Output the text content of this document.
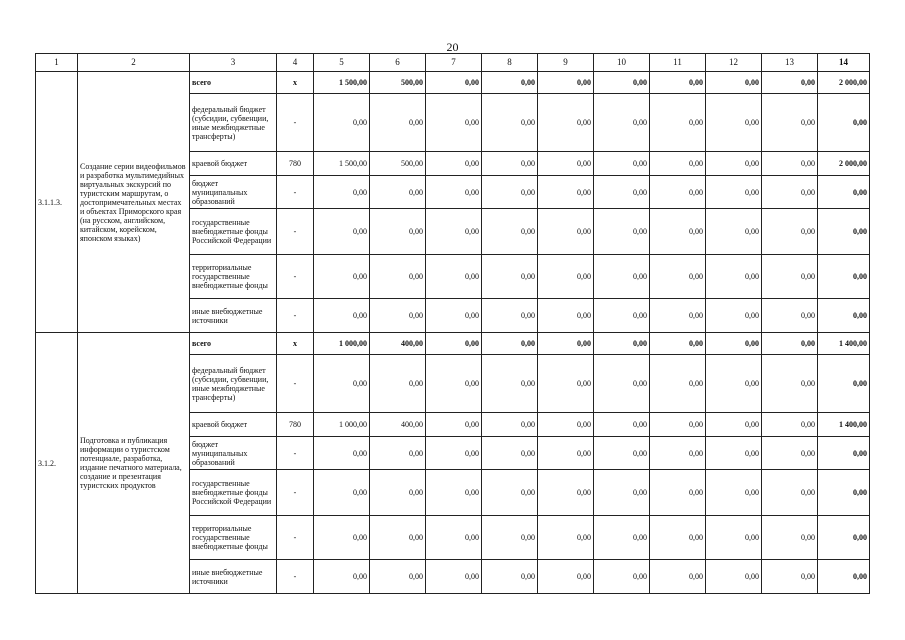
20
1	2	3	4	5	6	7	8	9	10	11	12	13	14
3.1.1.3.	Создание серии видеофильмов и разработка мультимедийных виртуальных экскурсий по туристским маршрутам, о достопримечательных местах и объектах Приморского края (на русском, английском, китайском, корейском, японском языках)	всего	x	1 500,00	500,00	0,00	0,00	0,00	0,00	0,00	0,00	0,00	2 000,00
		федеральный бюджет (субсидии, субвенции, иные межбюджетные трансферты)	-	0,00	0,00	0,00	0,00	0,00	0,00	0,00	0,00	0,00	0,00
		краевой бюджет	780	1 500,00	500,00	0,00	0,00	0,00	0,00	0,00	0,00	0,00	2 000,00
		бюджет муниципальных образований	-	0,00	0,00	0,00	0,00	0,00	0,00	0,00	0,00	0,00	0,00
		государственные внебюджетные фонды Российской Федерации	-	0,00	0,00	0,00	0,00	0,00	0,00	0,00	0,00	0,00	0,00
		территориальные государственные внебюджетные фонды	-	0,00	0,00	0,00	0,00	0,00	0,00	0,00	0,00	0,00	0,00
		иные внебюджетные источники	-	0,00	0,00	0,00	0,00	0,00	0,00	0,00	0,00	0,00	0,00
3.1.2.	Подготовка и публикация информации о туристском потенциале, разработка, издание печатного материала, создание и презентация туристских продуктов	всего	x	1 000,00	400,00	0,00	0,00	0,00	0,00	0,00	0,00	0,00	1 400,00
		федеральный бюджет (субсидии, субвенции, иные межбюджетные трансферты)	-	0,00	0,00	0,00	0,00	0,00	0,00	0,00	0,00	0,00	0,00
		краевой бюджет	780	1 000,00	400,00	0,00	0,00	0,00	0,00	0,00	0,00	0,00	1 400,00
		бюджет муниципальных образований	-	0,00	0,00	0,00	0,00	0,00	0,00	0,00	0,00	0,00	0,00
		государственные внебюджетные фонды Российской Федерации	-	0,00	0,00	0,00	0,00	0,00	0,00	0,00	0,00	0,00	0,00
		территориальные государственные внебюджетные фонды	-	0,00	0,00	0,00	0,00	0,00	0,00	0,00	0,00	0,00	0,00
		иные внебюджетные источники	-	0,00	0,00	0,00	0,00	0,00	0,00	0,00	0,00	0,00	0,00
